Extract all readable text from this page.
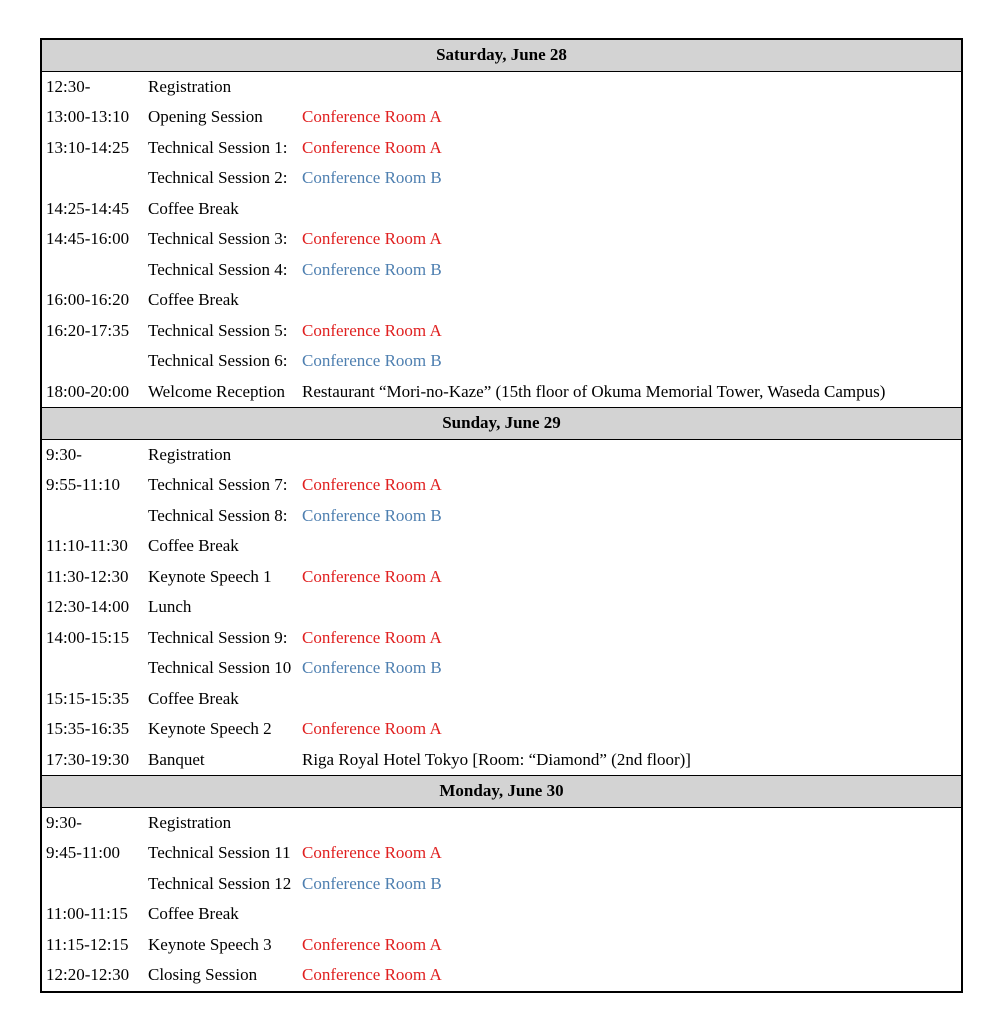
Saturday, June 28		
12:30-	Registration	
13:00-13:10	Opening Session	Conference Room A
13:10-14:25	Technical Session 1:	Conference Room A
	Technical Session 2:	Conference Room B
14:25-14:45	Coffee Break	
14:45-16:00	Technical Session 3:	Conference Room A
	Technical Session 4:	Conference Room B
16:00-16:20	Coffee Break	
16:20-17:35	Technical Session 5:	Conference Room A
	Technical Session 6:	Conference Room B
18:00-20:00	Welcome Reception	Restaurant “Mori-no-Kaze” (15th floor of Okuma Memorial Tower, Waseda Campus)
Sunday, June 29		
9:30-	Registration	
9:55-11:10	Technical Session 7:	Conference Room A
	Technical Session 8:	Conference Room B
11:10-11:30	Coffee Break	
11:30-12:30	Keynote Speech 1	Conference Room A
12:30-14:00	Lunch	
14:00-15:15	Technical Session 9:	Conference Room A
	Technical Session 10	Conference Room B
15:15-15:35	Coffee Break	
15:35-16:35	Keynote Speech 2	Conference Room A
17:30-19:30	Banquet	Riga Royal Hotel Tokyo [Room: “Diamond” (2nd floor)]
Monday, June 30		
9:30-	Registration	
9:45-11:00	Technical Session 11	Conference Room A
	Technical Session 12	Conference Room B
11:00-11:15	Coffee Break	
11:15-12:15	Keynote Speech 3	Conference Room A
12:20-12:30	Closing Session	Conference Room A
